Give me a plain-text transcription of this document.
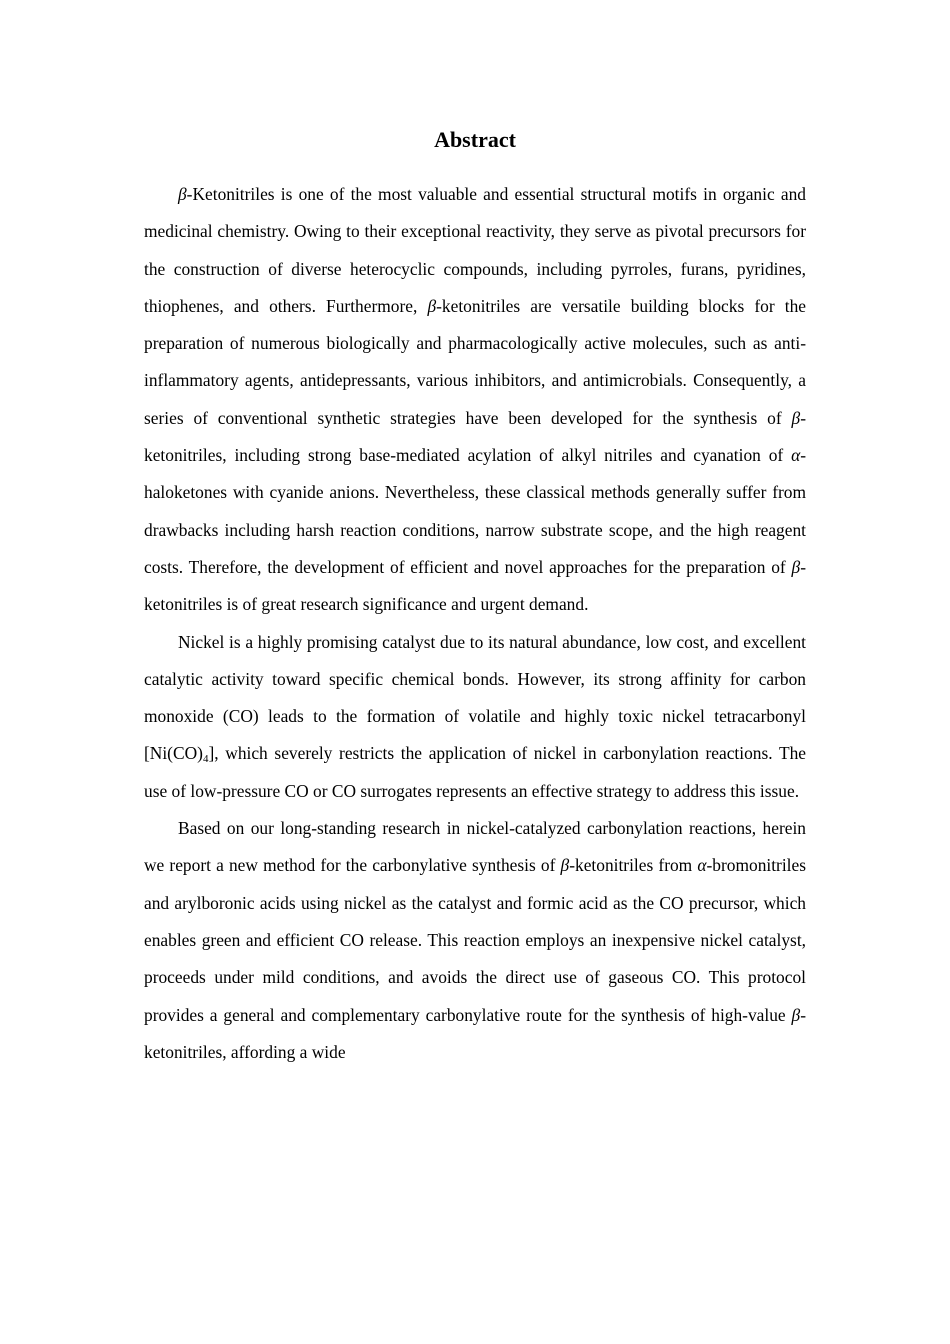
Abstract

β-Ketonitriles is one of the most valuable and essential structural motifs in organic and medicinal chemistry. Owing to their exceptional reactivity, they serve as pivotal precursors for the construction of diverse heterocyclic compounds, including pyrroles, furans, pyridines, thiophenes, and others. Furthermore, β-ketonitriles are versatile building blocks for the preparation of numerous biologically and pharmacologically active molecules, such as anti-inflammatory agents, antidepressants, various inhibitors, and antimicrobials. Consequently, a series of conventional synthetic strategies have been developed for the synthesis of β-ketonitriles, including strong base-mediated acylation of alkyl nitriles and cyanation of α-haloketones with cyanide anions. Nevertheless, these classical methods generally suffer from drawbacks including harsh reaction conditions, narrow substrate scope, and the high reagent costs. Therefore, the development of efficient and novel approaches for the preparation of β-ketonitriles is of great research significance and urgent demand.

Nickel is a highly promising catalyst due to its natural abundance, low cost, and excellent catalytic activity toward specific chemical bonds. However, its strong affinity for carbon monoxide (CO) leads to the formation of volatile and highly toxic nickel tetracarbonyl $[Ni(CO)_4]$, which severely restricts the application of nickel in carbonylation reactions. The use of low-pressure CO or CO surrogates represents an effective strategy to address this issue.

Based on our long-standing research in nickel-catalyzed carbonylation reactions, herein we report a new method for the carbonylative synthesis of β-ketonitriles from α-bromonitriles and arylboronic acids using nickel as the catalyst and formic acid as the CO precursor, which enables green and efficient CO release. This reaction employs an inexpensive nickel catalyst, proceeds under mild conditions, and avoids the direct use of gaseous CO. This protocol provides a general and complementary carbonylative route for the synthesis of high-value β-ketonitriles, affording a wide
